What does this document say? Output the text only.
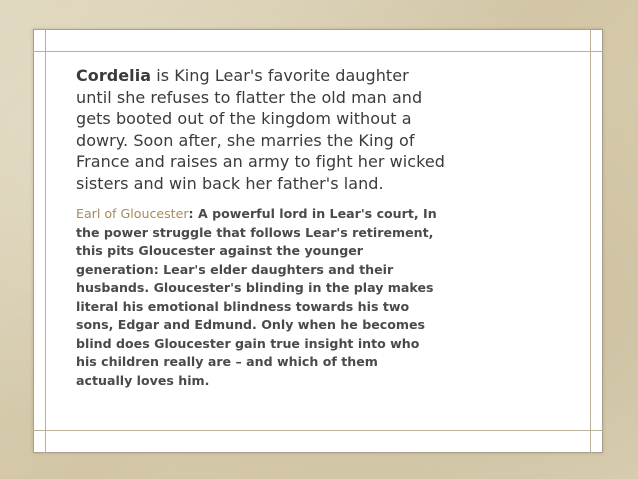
Cordelia is King Lear's favorite daughter until she refuses to flatter the old man and gets booted out of the kingdom without a dowry. Soon after, she marries the King of France and raises an army to fight her wicked sisters and win back her father's land.

Earl of Gloucester: A powerful lord in Lear's court, In the power struggle that follows Lear's retirement, this pits Gloucester against the younger generation: Lear's elder daughters and their husbands. Gloucester's blinding in the play makes literal his emotional blindness towards his two sons, Edgar and Edmund. Only when he becomes blind does Gloucester gain true insight into who his children really are – and which of them actually loves him.
